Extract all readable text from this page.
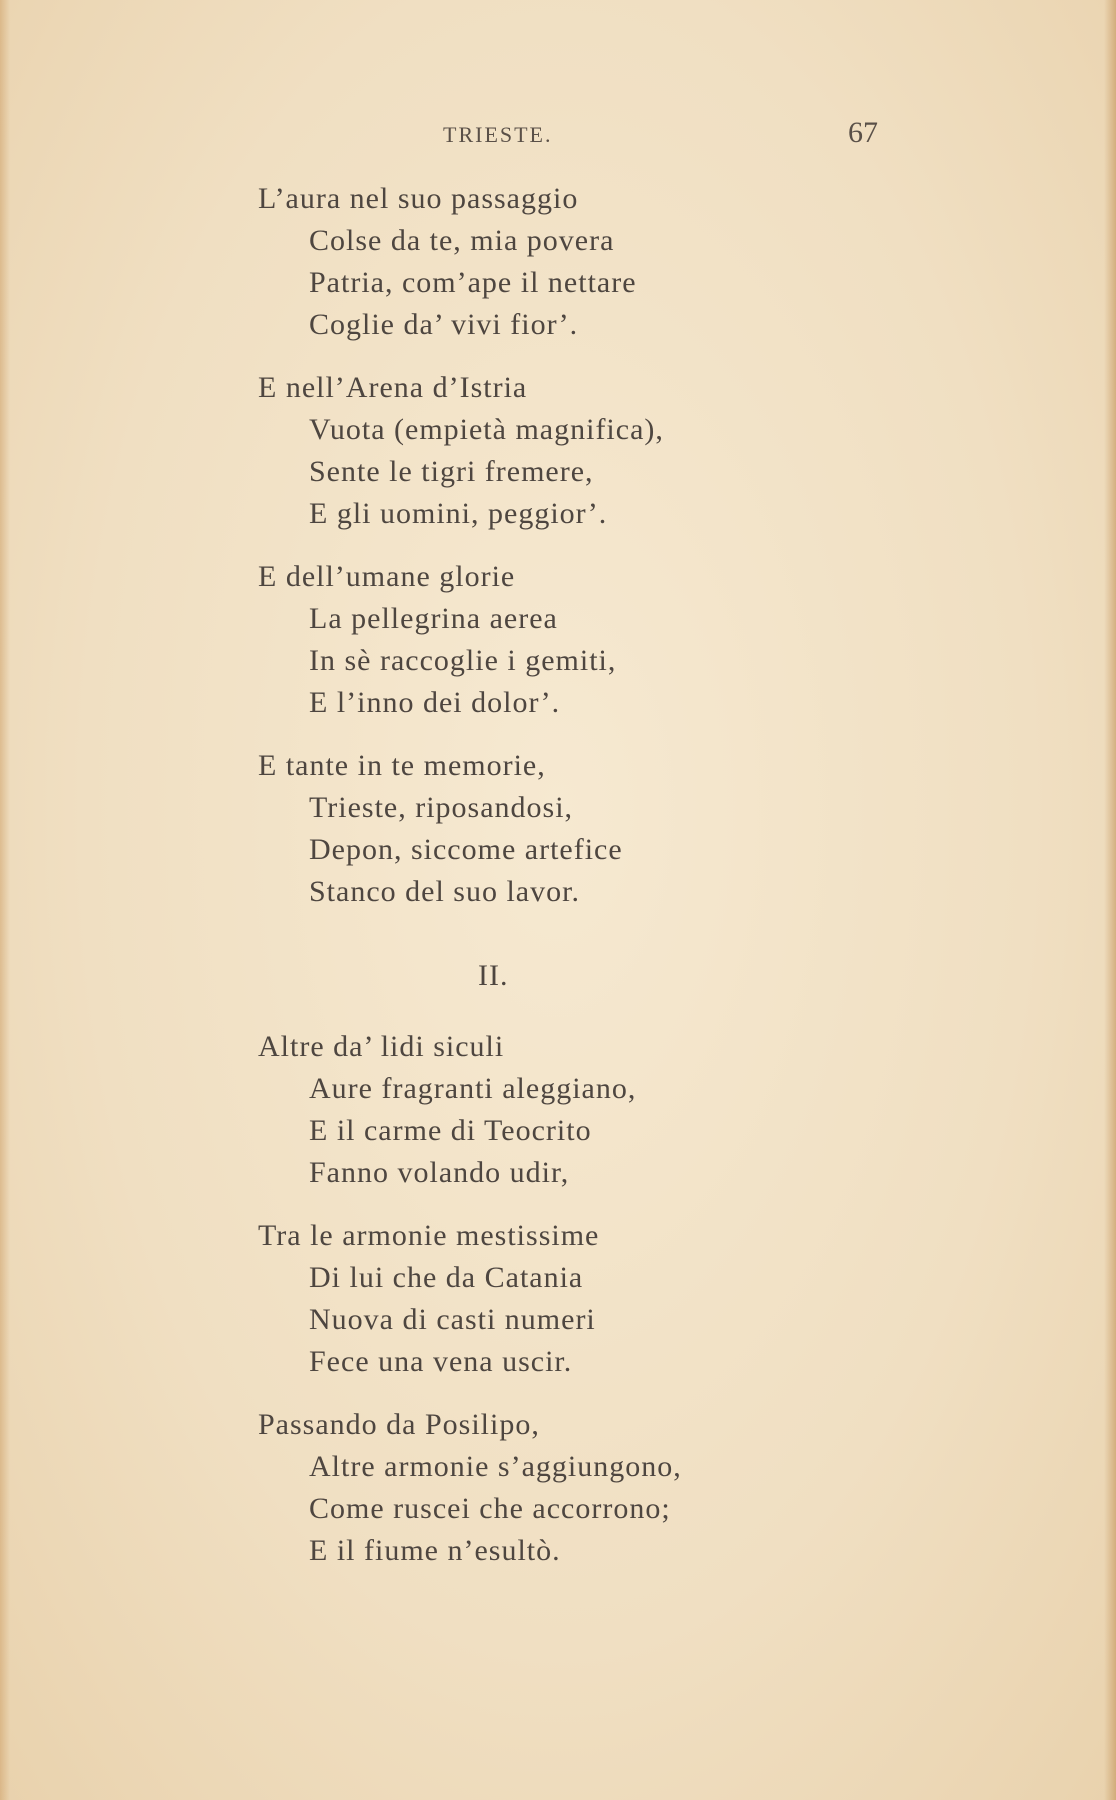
TRIESTE.	67
L’aura nel suo passaggio
Colse da te, mia povera
Patria, com’ape il nettare
Coglie da’ vivi fior’.
E nell’Arena d’Istria
Vuota (empietà magnifica),
Sente le tigri fremere,
E gli uomini, peggior’.
E dell’umane glorie
La pellegrina aerea
In sè raccoglie i gemiti,
E l’inno dei dolor’.
E tante in te memorie,
Trieste, riposandosi,
Depon, siccome artefice
Stanco del suo lavor.
II.
Altre da’ lidi siculi
Aure fragranti aleggiano,
E il carme di Teocrito
Fanno volando udir,
Tra le armonie mestissime
Di lui che da Catania
Nuova di casti numeri
Fece una vena uscir.
Passando da Posilipo,
Altre armonie s’aggiungono,
Come ruscei che accorrono;
E il fiume n’esultò.
